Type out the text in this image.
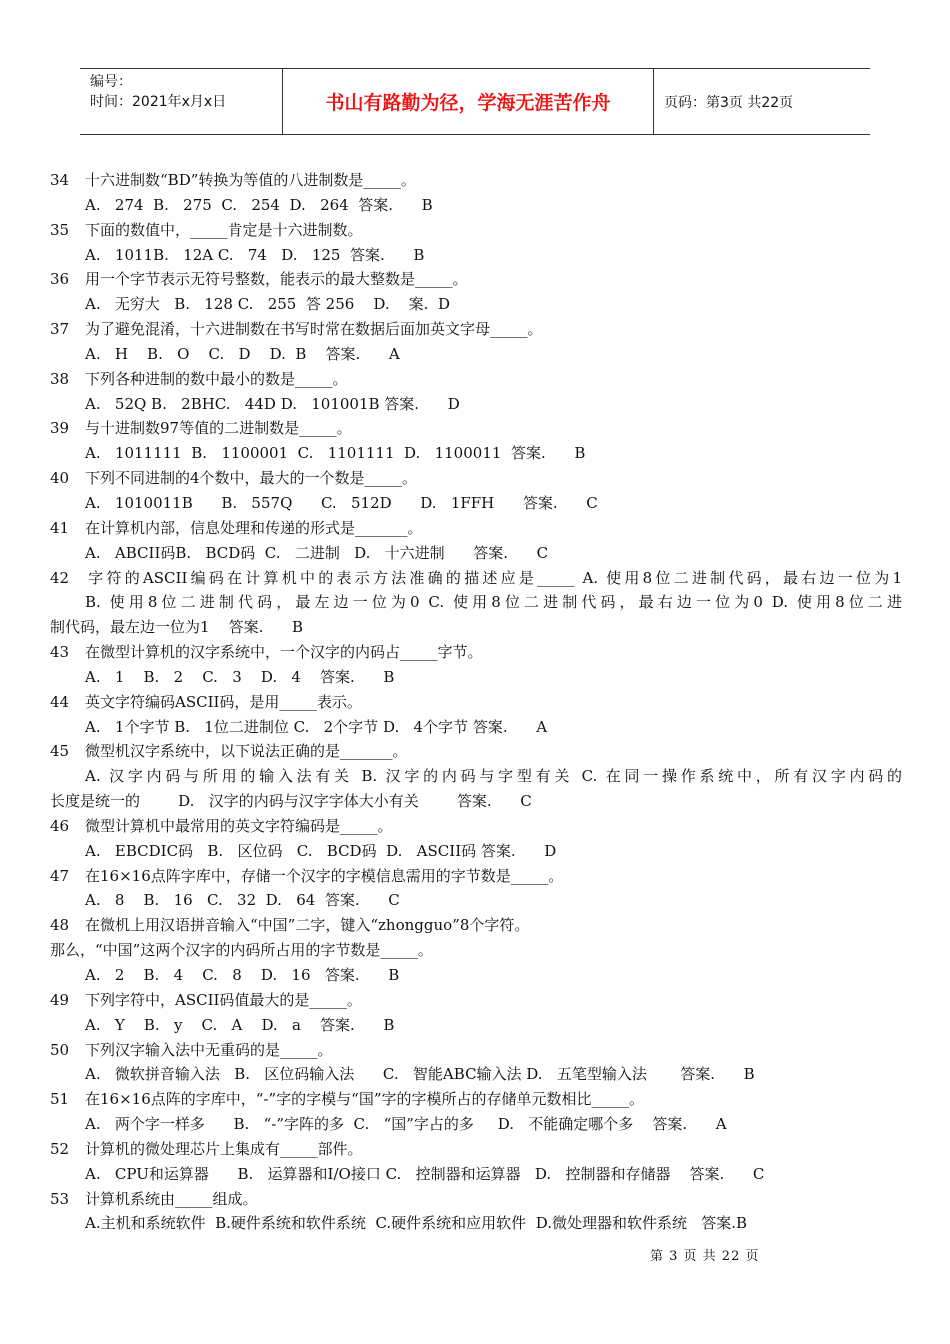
编号：
时间：2021年x月x日	书山有路勤为径，学海无涯苦作舟	页码：第3页 共22页
34 十六进制数“BD”转换为等值的八进制数是_____。
A.   274  B.   275  C.   254  D.   264  答案.      B
35 下面的数值中，_____肯定是十六进制数。
A.   1011B.   12A C.   74   D.   125  答案.      B
36 用一个字节表示无符号整数，能表示的最大整数是_____。
A.   无穷大   B.   128 C.   255  答 256    D.    案.  D
37 为了避免混淆，十六进制数在书写时常在数据后面加英文字母_____。
A.   H    B.   O    C.   D    D.  B    答案.      A
38 下列各种进制的数中最小的数是_____。
A.   52Q B.   2BHC.   44D D.   101001B 答案.      D
39 与十进制数97等值的二进制数是_____。
A.   1011111  B.   1100001  C.   1101111  D.   1100011  答案.      B
40 下列不同进制的4个数中，最大的一个数是_____。
A.   1010011B      B.   557Q      C.   512D      D.   1FFH      答案.      C
41 在计算机内部，信息处理和传递的形式是_______。
A.   ABCII码B.   BCD码  C.   二进制   D.   十六进制      答案.      C
42 字符的ASCII编码在计算机中的表示方法准确的描述应是_____ A. 使用8位二进制代码，最右边一位为1
B. 使用8位二进制代码，最左边一位为0 C. 使用8位二进制代码，最右边一位为0 D. 使用8位二进
制代码，最左边一位为1    答案.      B
43 在微型计算机的汉字系统中，一个汉字的内码占_____字节。
A.   1    B.   2    C.   3    D.   4    答案.      B
44 英文字符编码ASCII码，是用_____表示。
A.   1个字节 B.   1位二进制位 C.   2个字节 D.   4个字节 答案.      A
45 微型机汉字系统中，以下说法正确的是_______。
A. 汉字内码与所用的输入法有关 B. 汉字的内码与字型有关 C. 在同一操作系统中，所有汉字内码的
长度是统一的        D.   汉字的内码与汉字字体大小有关        答案.      C
46 微型计算机中最常用的英文字符编码是_____。
A.   EBCDIC码   B.   区位码   C.   BCD码  D.   ASCII码 答案.      D
47 在16×16点阵字库中，存储一个汉字的字模信息需用的字节数是_____。
A.   8    B.   16   C.   32  D.   64  答案.      C
48 在微机上用汉语拼音输入“中国”二字，键入“zhongguo”8个字符。
那么，“中国”这两个汉字的内码所占用的字节数是_____。
A.   2    B.   4    C.   8    D.   16   答案.      B
49 下列字符中，ASCII码值最大的是_____。
A.   Y    B.   y    C.   A    D.   a    答案.      B
50 下列汉字输入法中无重码的是_____。
A.   微软拼音输入法   B.   区位码输入法      C.   智能ABC输入法 D.   五笔型输入法       答案.      B
51 在16×16点阵的字库中，“-”字的字模与“国”字的字模所占的存储单元数相比_____。
A.   两个字一样多      B.   “-”字阵的多  C.   “国”字占的多     D.   不能确定哪个多    答案.      A
52 计算机的微处理芯片上集成有_____部件。
A.   CPU和运算器      B.   运算器和I/O接口 C.   控制器和运算器   D.   控制器和存储器    答案.      C
53 计算机系统由_____组成。
A.主机和系统软件  B.硬件系统和软件系统  C.硬件系统和应用软件  D.微处理器和软件系统   答案.B
第 3 页 共 22 页
